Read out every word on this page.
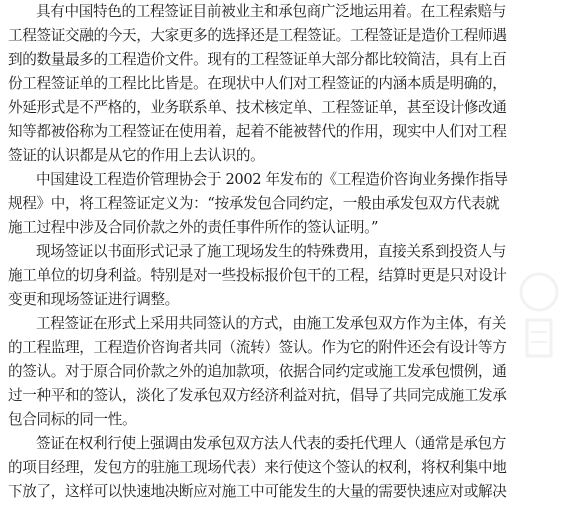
具有中国特色的工程签证目前被业主和承包商广泛地运用着。在工程索赔与
工程签证交融的今天，大家更多的选择还是工程签证。工程签证是造价工程师遇
到的数量最多的工程造价文件。现有的工程签证单大部分都比较简洁，具有上百
份工程签证单的工程比比皆是。在现状中人们对工程签证的内涵本质是明确的，
外延形式是不严格的，业务联系单、技术核定单、工程签证单，甚至设计修改通
知等都被俗称为工程签证在使用着，起着不能被替代的作用，现实中人们对工程
签证的认识都是从它的作用上去认识的。
中国建设工程造价管理协会于 2002 年发布的《工程造价咨询业务操作指导
规程》中，将工程签证定义为：“按承发包合同约定，一般由承发包双方代表就
施工过程中涉及合同价款之外的责任事件所作的签认证明。”
现场签证以书面形式记录了施工现场发生的特殊费用，直接关系到投资人与
施工单位的切身利益。特别是对一些投标报价包干的工程，结算时更是只对设计
变更和现场签证进行调整。
工程签证在形式上采用共同签认的方式，由施工发承包双方作为主体，有关
的工程监理，工程造价咨询者共同（流转）签认。作为它的附件还会有设计等方
的签认。对于原合同价款之外的追加款项，依据合同约定或施工发承包惯例，通
过一种平和的签认，淡化了发承包双方经济利益对抗，倡导了共同完成施工发承
包合同标的同一性。
签证在权利行使上强调由发承包双方法人代表的委托代理人（通常是承包方
的项目经理，发包方的驻施工现场代表）来行使这个签认的权利，将权利集中地
下放了，这样可以快速地决断应对施工中可能发生的大量的需要快速应对或解决
